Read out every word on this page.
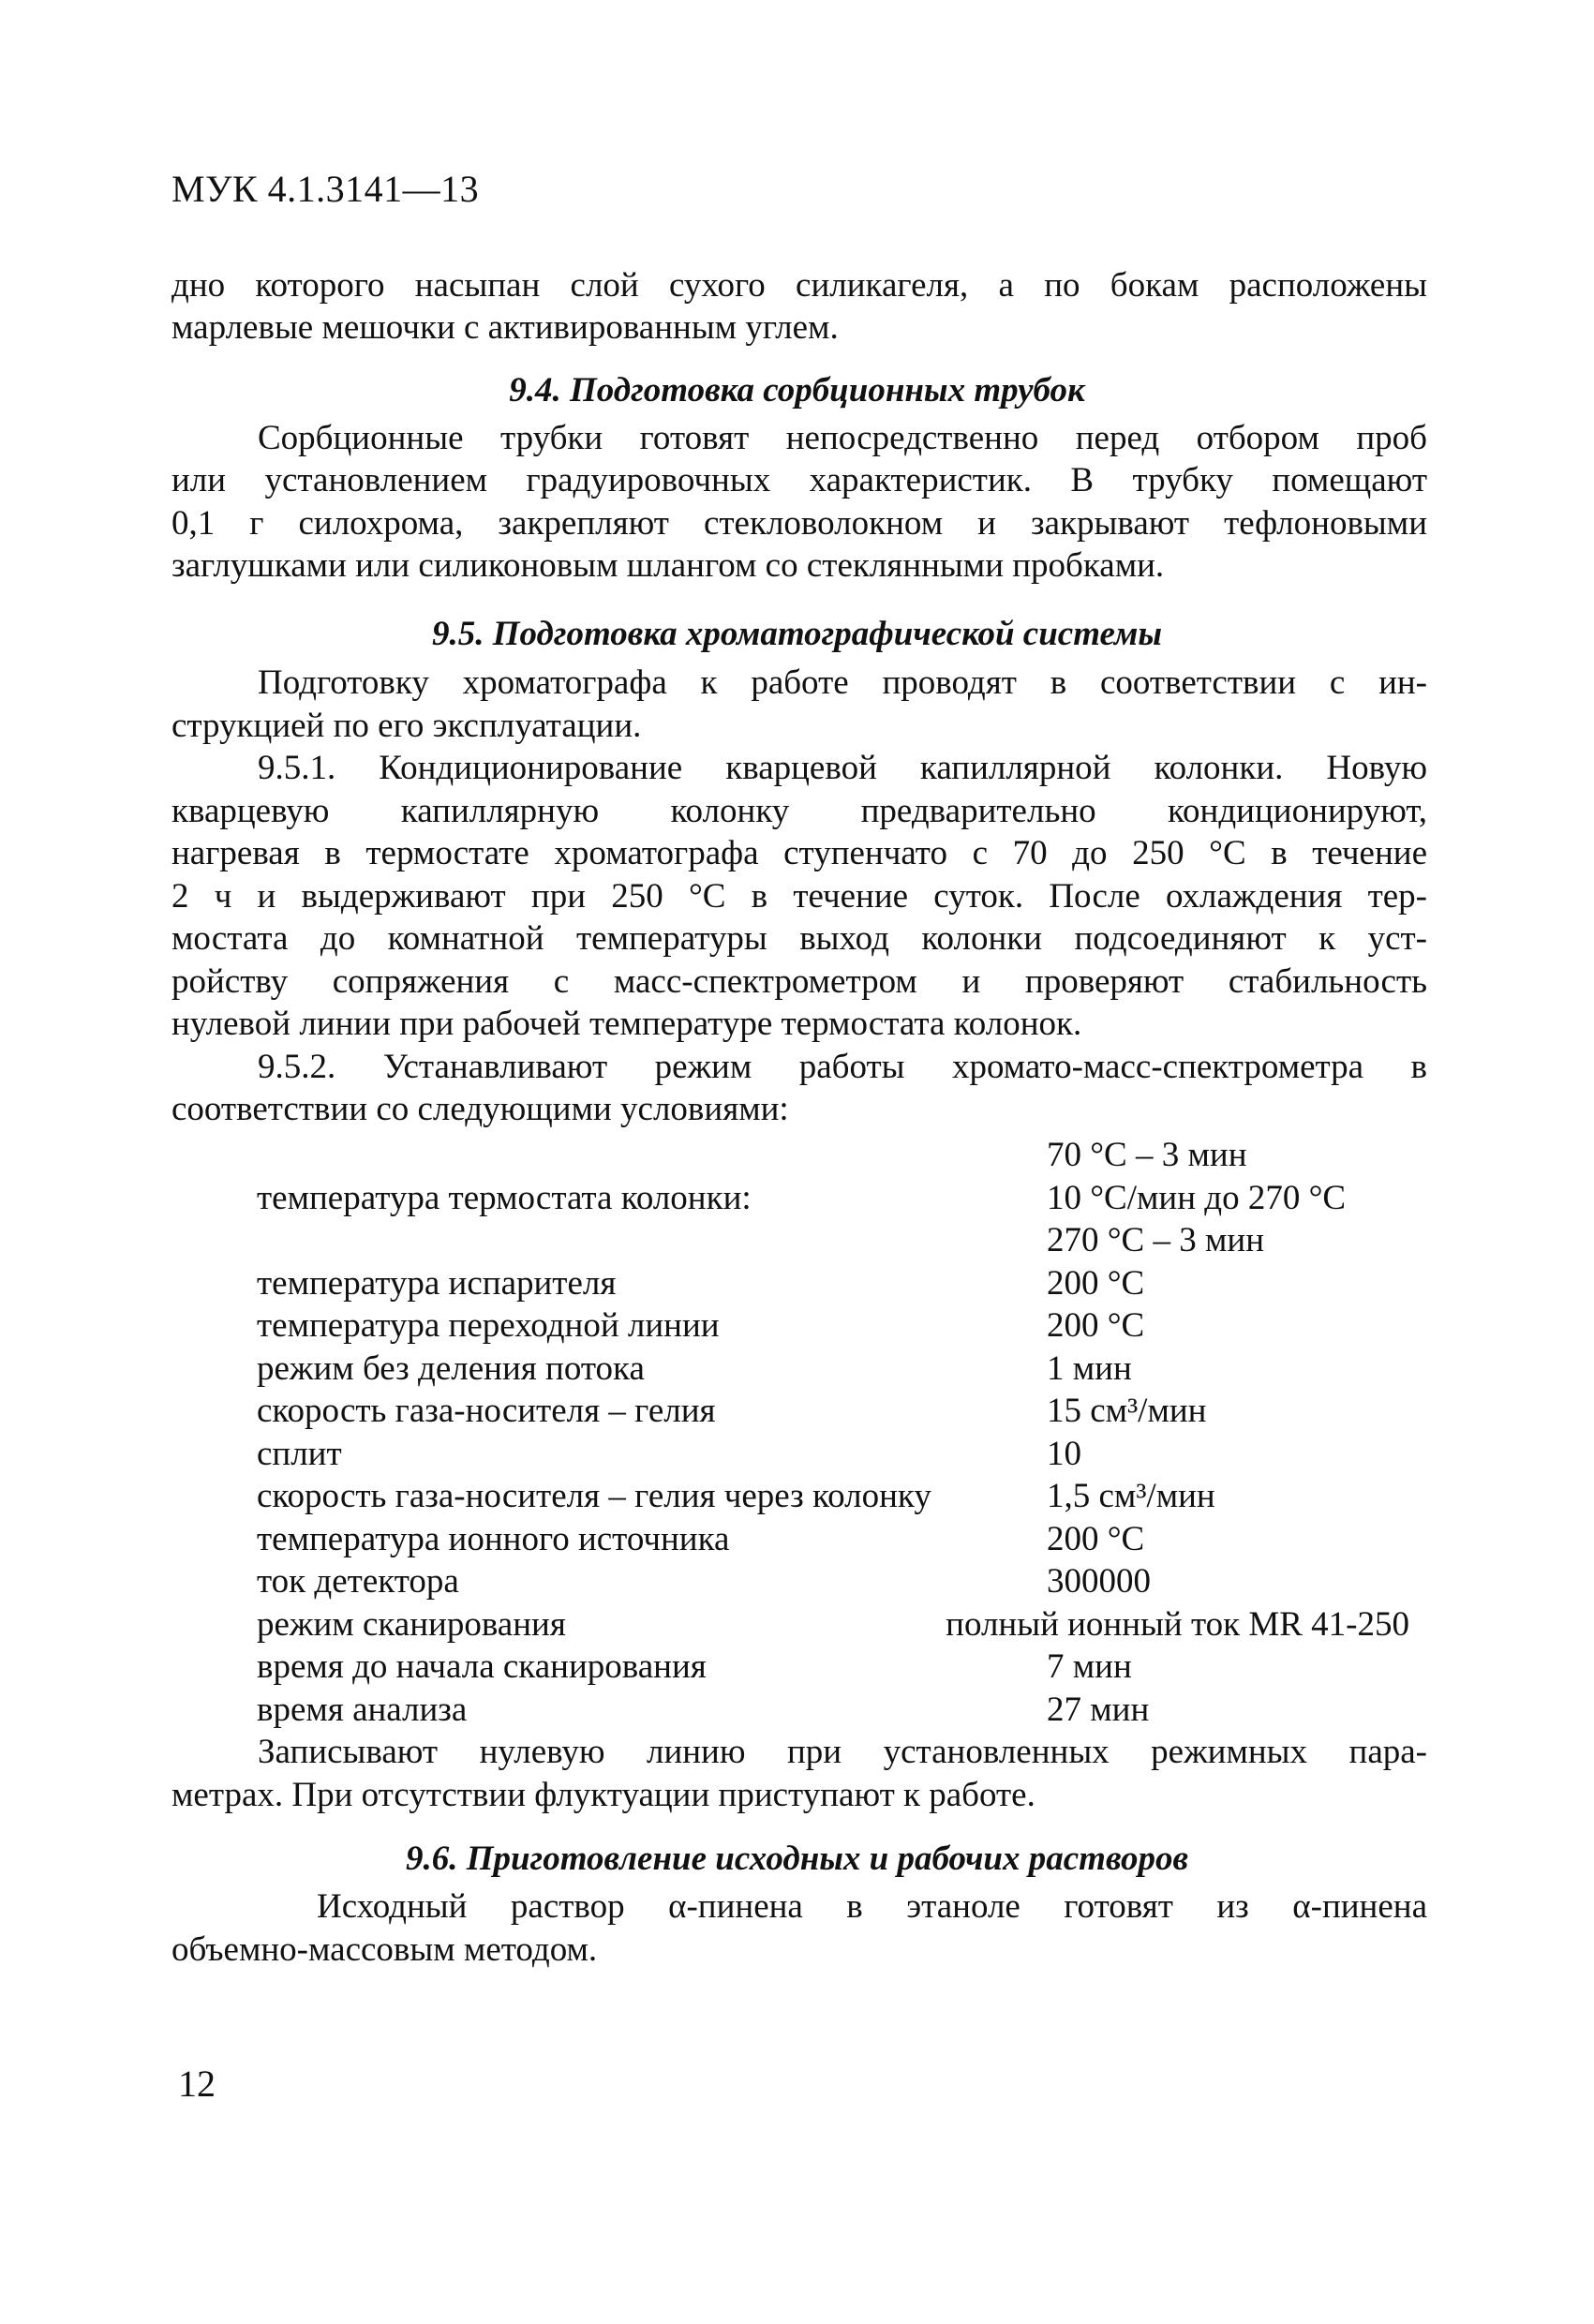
МУК 4.1.3141—13
дно которого насыпан слой сухого силикагеля, а по бокам расположены
марлевые мешочки с активированным углем.
9.4. Подготовка сорбционных трубок
Сорбционные трубки готовят непосредственно перед отбором проб
или установлением градуировочных характеристик. В трубку помещают
0,1 г силохрома, закрепляют стекловолокном и закрывают тефлоновыми
заглушками или силиконовым шлангом со стеклянными пробками.
9.5. Подготовка хроматографической системы
Подготовку хроматографа к работе проводят в соответствии с ин-
струкцией по его эксплуатации.
9.5.1. Кондиционирование кварцевой капиллярной колонки. Новую
кварцевую капиллярную колонку предварительно кондиционируют,
нагревая в термостате хроматографа ступенчато с 70 до 250 °С в течение
2 ч и выдерживают при 250 °С в течение суток. После охлаждения тер-
мостата до комнатной температуры выход колонки подсоединяют к уст-
ройству сопряжения с масс-спектрометром и проверяют стабильность
нулевой линии при рабочей температуре термостата колонок.
9.5.2. Устанавливают режим работы хромато-масс-спектрометра в
соответствии со следующими условиями:
70 °С – 3 мин
температура термостата колонки:	10 °С/мин до 270 °С
270 °С – 3 мин
температура испарителя	200 °С
температура переходной линии	200 °С
режим без деления потока	1 мин
скорость газа-носителя – гелия	15 см³/мин
сплит	10
скорость газа-носителя – гелия через колонку	1,5 см³/мин
температура ионного источника	200 °С
ток детектора	300000
режим сканирования	полный ионный ток MR 41-250
время до начала сканирования	7 мин
время анализа	27 мин
Записывают нулевую линию при установленных режимных пара-
метрах. При отсутствии флуктуации приступают к работе.
9.6. Приготовление исходных и рабочих растворов
Исходный раствор α-пинена в этаноле готовят из α-пинена
объемно-массовым методом.
12
